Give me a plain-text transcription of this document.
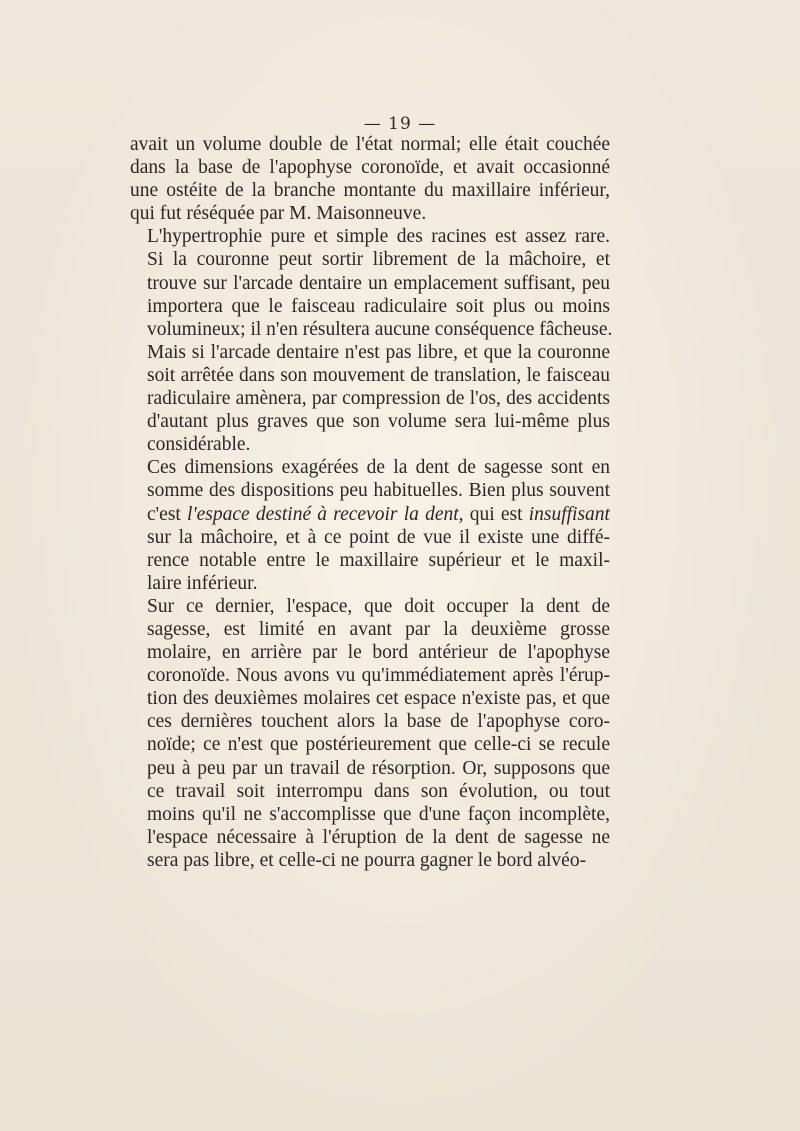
— 19 —
avait un volume double de l'état normal; elle était couchée
dans la base de l'apophyse coronoïde, et avait occasionné
une ostéite de la branche montante du maxillaire inférieur,
qui fut réséquée par M. Maisonneuve.
L'hypertrophie pure et simple des racines est assez rare.
Si la couronne peut sortir librement de la mâchoire, et
trouve sur l'arcade dentaire un emplacement suffisant, peu
importera que le faisceau radiculaire soit plus ou moins
volumineux; il n'en résultera aucune conséquence fâcheuse.
Mais si l'arcade dentaire n'est pas libre, et que la couronne
soit arrêtée dans son mouvement de translation, le faisceau
radiculaire amènera, par compression de l'os, des accidents
d'autant plus graves que son volume sera lui-même plus
considérable.
Ces dimensions exagérées de la dent de sagesse sont en
somme des dispositions peu habituelles. Bien plus souvent
c'est l'espace destiné à recevoir la dent, qui est insuffisant
sur la mâchoire, et à ce point de vue il existe une diffé-
rence notable entre le maxillaire supérieur et le maxil-
laire inférieur.
Sur ce dernier, l'espace, que doit occuper la dent de
sagesse, est limité en avant par la deuxième grosse
molaire, en arrière par le bord antérieur de l'apophyse
coronoïde. Nous avons vu qu'immédiatement après l'érup-
tion des deuxièmes molaires cet espace n'existe pas, et que
ces dernières touchent alors la base de l'apophyse coro-
noïde; ce n'est que postérieurement que celle-ci se recule
peu à peu par un travail de résorption. Or, supposons que
ce travail soit interrompu dans son évolution, ou tout
moins qu'il ne s'accomplisse que d'une façon incomplète,
l'espace nécessaire à l'éruption de la dent de sagesse ne
sera pas libre, et celle-ci ne pourra gagner le bord alvéo-
